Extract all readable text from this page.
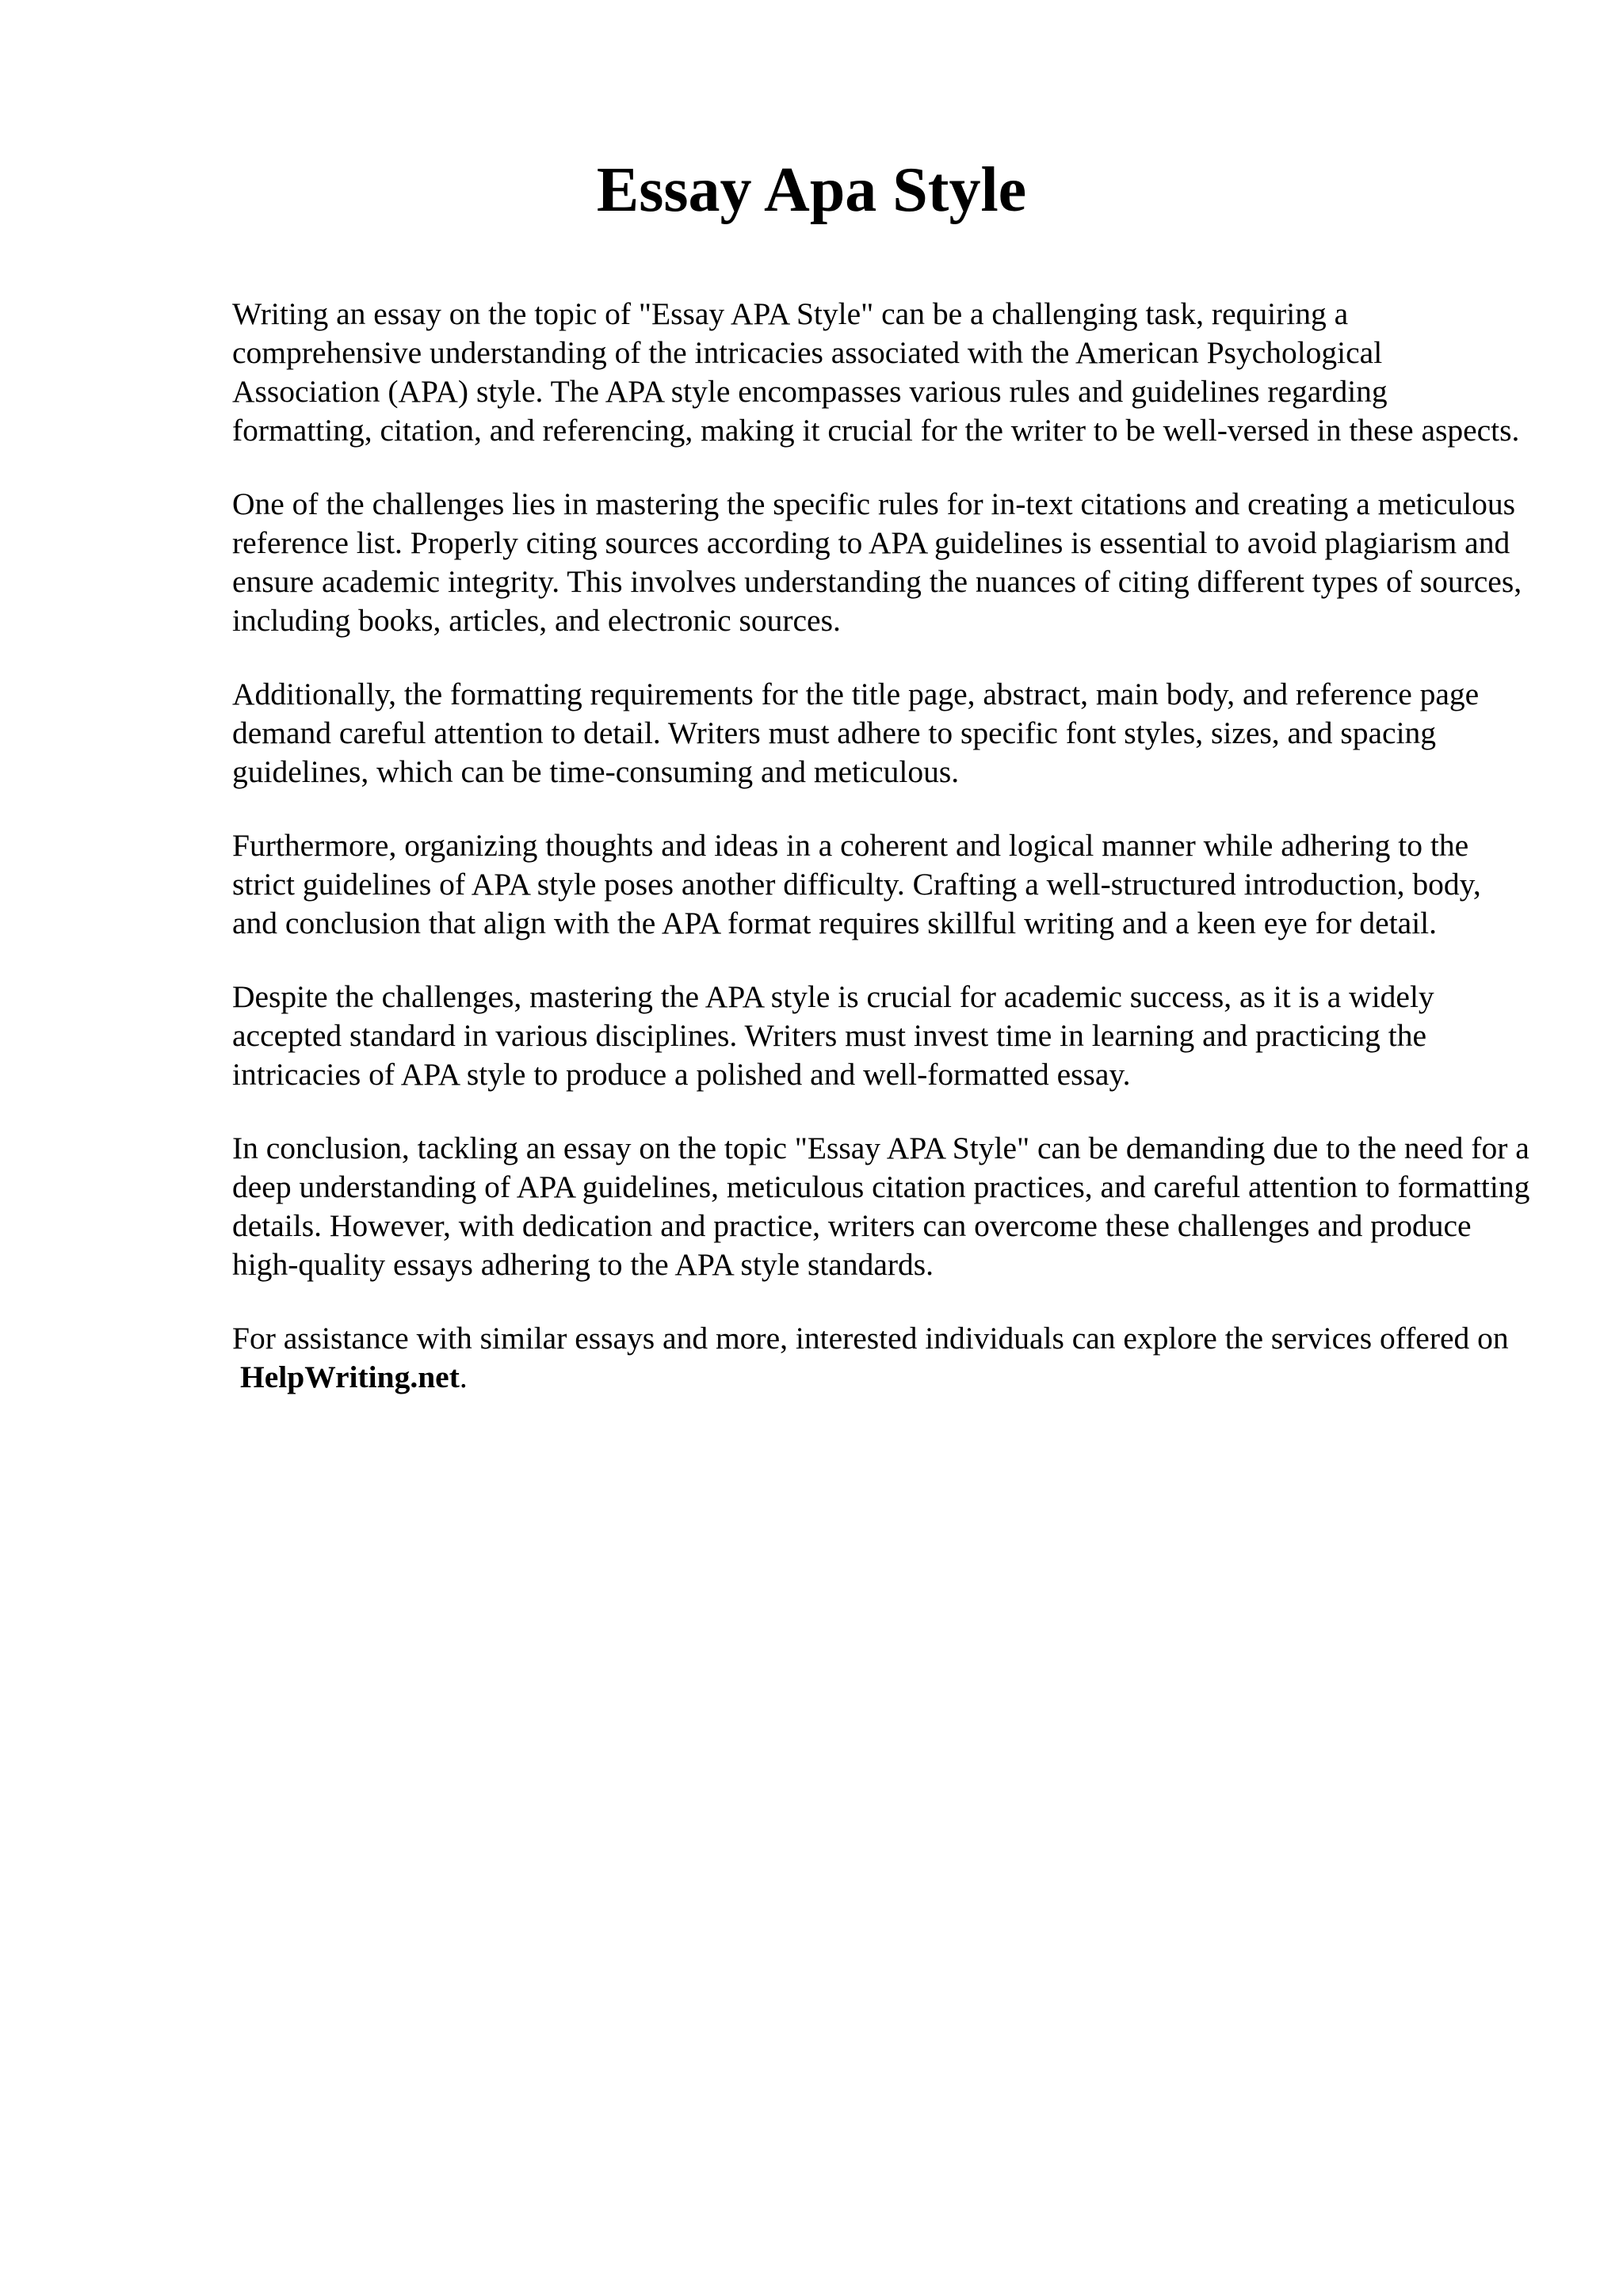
Essay Apa Style

Writing an essay on the topic of "Essay APA Style" can be a challenging task, requiring a comprehensive understanding of the intricacies associated with the American Psychological Association (APA) style. The APA style encompasses various rules and guidelines regarding formatting, citation, and referencing, making it crucial for the writer to be well-versed in these aspects.

One of the challenges lies in mastering the specific rules for in-text citations and creating a meticulous reference list. Properly citing sources according to APA guidelines is essential to avoid plagiarism and ensure academic integrity. This involves understanding the nuances of citing different types of sources, including books, articles, and electronic sources.

Additionally, the formatting requirements for the title page, abstract, main body, and reference page demand careful attention to detail. Writers must adhere to specific font styles, sizes, and spacing guidelines, which can be time-consuming and meticulous.

Furthermore, organizing thoughts and ideas in a coherent and logical manner while adhering to the strict guidelines of APA style poses another difficulty. Crafting a well-structured introduction, body, and conclusion that align with the APA format requires skillful writing and a keen eye for detail.

Despite the challenges, mastering the APA style is crucial for academic success, as it is a widely accepted standard in various disciplines. Writers must invest time in learning and practicing the intricacies of APA style to produce a polished and well-formatted essay.

In conclusion, tackling an essay on the topic "Essay APA Style" can be demanding due to the need for a deep understanding of APA guidelines, meticulous citation practices, and careful attention to formatting details. However, with dedication and practice, writers can overcome these challenges and produce high-quality essays adhering to the APA style standards.

For assistance with similar essays and more, interested individuals can explore the services offered on HelpWriting.net.
